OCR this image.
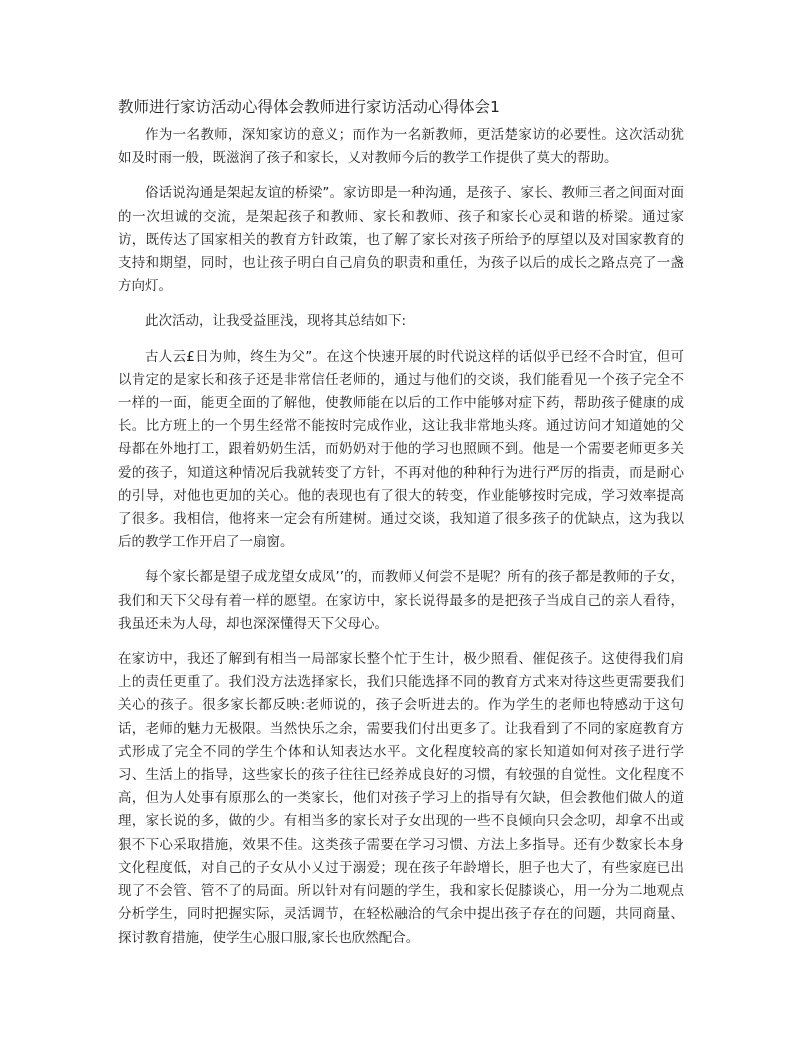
教师进行家访活动心得体会教师进行家访活动心得体会1

作为一名教师，深知家访的意义；而作为一名新教师，更活楚家访的必要性。这次活动犹如及时雨一般，既滋润了孩子和家长，乂对教师今后的教学工作提供了莫大的帮助。

俗话说沟通是架起友谊的桥梁”。家访即是一种沟通，是孩子、家长、教师三者之间面对面的一次坦诚的交流，是架起孩子和教师、家长和教师、孩子和家长心灵和谐的桥梁。通过家访，既传达了国家相关的教育方针政策，也了解了家长对孩子所给予的厚望以及对国家教育的支持和期望，同时，也让孩子明白自己肩负的职责和重任，为孩子以后的成长之路点亮了一盏方向灯。

此次活动，让我受益匪浅，现将其总结如下:

古人云£日为帅，终生为父”。在这个快速开展的时代说这样的话似乎已经不合时宜，但可以肯定的是家长和孩子还是非常信任老师的，通过与他们的交谈，我们能看见一个孩子完全不一样的一面，能更全面的了解他，使教师能在以后的工作中能够对症下药，帮助孩子健康的成长。比方班上的一个男生经常不能按时完成作业，这让我非常地头疼。通过访问才知道她的父母都在外地打工，跟着奶奶生活，而奶奶对于他的学习也照顾不到。他是一个需要老师更多关爱的孩子，知道这种情况后我就转变了方针，不再对他的种种行为进行严厉的指责，而是耐心的引导，对他也更加的关心。他的表现也有了很大的转变，作业能够按时完成，学习效率提高了很多。我相信，他将来一定会有所建树。通过交谈，我知道了很多孩子的优缺点，这为我以后的教学工作开启了一扇窗。

每个家长都是望子成龙望女成凤’’的，而教师乂何尝不是呢？所有的孩子都是教师的子女，我们和天下父母有着一样的愿望。在家访中，家长说得最多的是把孩子当成自己的亲人看待，我虽还未为人母，却也深深懂得天下父母心。

在家访中，我还了解到有相当一局部家长整个忙于生计，极少照看、催促孩子。这使得我们肩上的责任更重了。我们没方法选择家长，我们只能选择不同的教育方式来对待这些更需要我们关心的孩子。很多家长都反映:老师说的，孩子会听进去的。作为学生的老师也特感动于这句话，老师的魅力无极限。当然快乐之余，需要我们付出更多了。让我看到了不同的家庭教育方式形成了完全不同的学生个体和认知表达水平。文化程度较高的家长知道如何对孩子进行学习、生活上的指导，这些家长的孩子往往已经养成良好的习惯，有较强的自觉性。文化程度不高，但为人处事有原那么的一类家长，他们对孩子学习上的指导有欠缺，但会教他们做人的道理，家长说的多，做的少。有相当多的家长对子女出现的一些不良倾向只会念叨，却拿不出或狠不下心采取措施，效果不佳。这类孩子需要在学习习惯、方法上多指导。还有少数家长本身文化程度低，对自己的子女从小乂过于溺爱；现在孩子年龄增长，胆子也大了，有些家庭已出现了不会管、管不了的局面。所以针对有问题的学生，我和家长促膝谈心，用一分为二地观点分析学生，同时把握实际，灵活调节，在轻松融洽的气余中提出孩子存在的问题，共同商量、探讨教育措施，使学生心服口服,家长也欣然配合。
